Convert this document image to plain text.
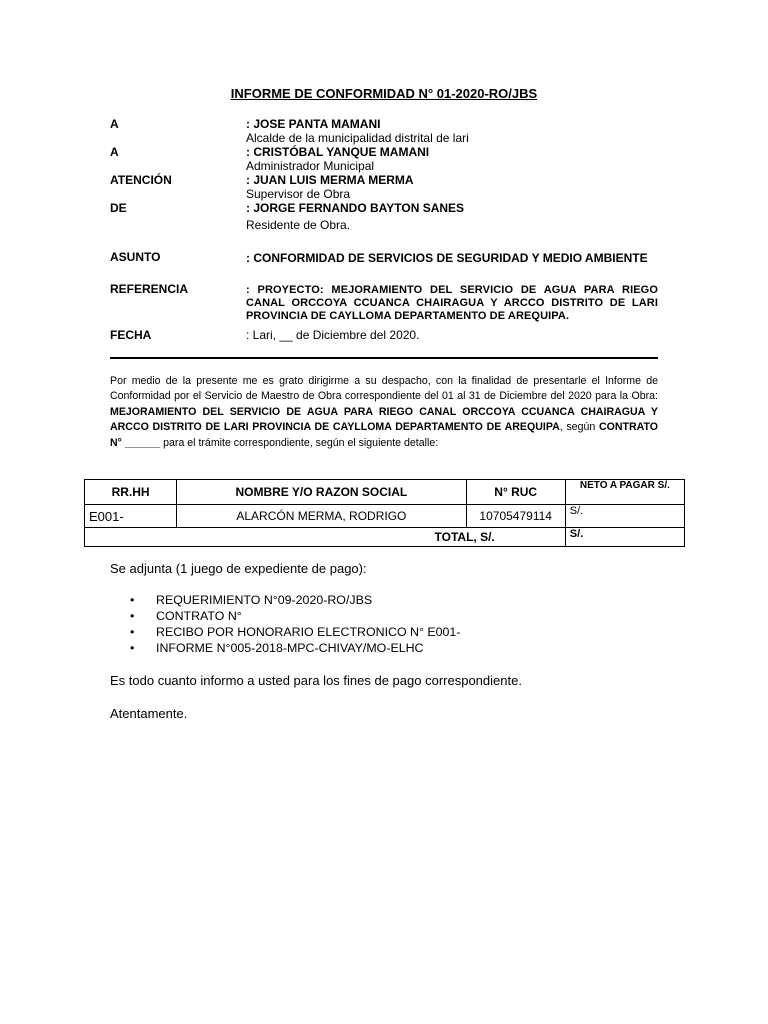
INFORME DE CONFORMIDAD N° 01-2020-RO/JBS
A	: JOSE PANTA MAMANI
Alcalde de la municipalidad distrital de lari
A	: CRISTÓBAL YANQUE MAMANI
Administrador Municipal
ATENCIÓN	: JUAN LUIS MERMA MERMA
Supervisor de Obra
DE	: JORGE FERNANDO BAYTON SANES
Residente de Obra.
ASUNTO	: CONFORMIDAD DE SERVICIOS DE SEGURIDAD Y MEDIO AMBIENTE
REFERENCIA	: PROYECTO: MEJORAMIENTO DEL SERVICIO DE AGUA PARA RIEGO CANAL ORCCOYA CCUANCA CHAIRAGUA Y ARCCO DISTRITO DE LARI PROVINCIA DE CAYLLOMA DEPARTAMENTO DE AREQUIPA.
FECHA	: Lari, __ de Diciembre del 2020.
Por medio de la presente me es grato dirigirme a su despacho, con la finalidad de presentarle el Informe de Conformidad por el Servicio de Maestro de Obra correspondiente del 01 al 31 de Diciembre del 2020 para la Obra: MEJORAMIENTO DEL SERVICIO DE AGUA PARA RIEGO CANAL ORCCOYA CCUANCA CHAIRAGUA Y ARCCO DISTRITO DE LARI PROVINCIA DE CAYLLOMA DEPARTAMENTO DE AREQUIPA, según CONTRATO N° ______ para el trámite correspondiente, según el siguiente detalle:
RR.HH	NOMBRE Y/O RAZON SOCIAL	N° RUC	NETO A PAGAR S/.
E001-	ALARCÓN MERMA, RODRIGO	10705479114	S/.
TOTAL, S/.			S/.
Se adjunta (1 juego de expediente de pago):
• REQUERIMIENTO N°09-2020-RO/JBS
• CONTRATO N°
• RECIBO POR HONORARIO ELECTRONICO N° E001-
• INFORME N°005-2018-MPC-CHIVAY/MO-ELHC
Es todo cuanto informo a usted para los fines de pago correspondiente.
Atentamente.
